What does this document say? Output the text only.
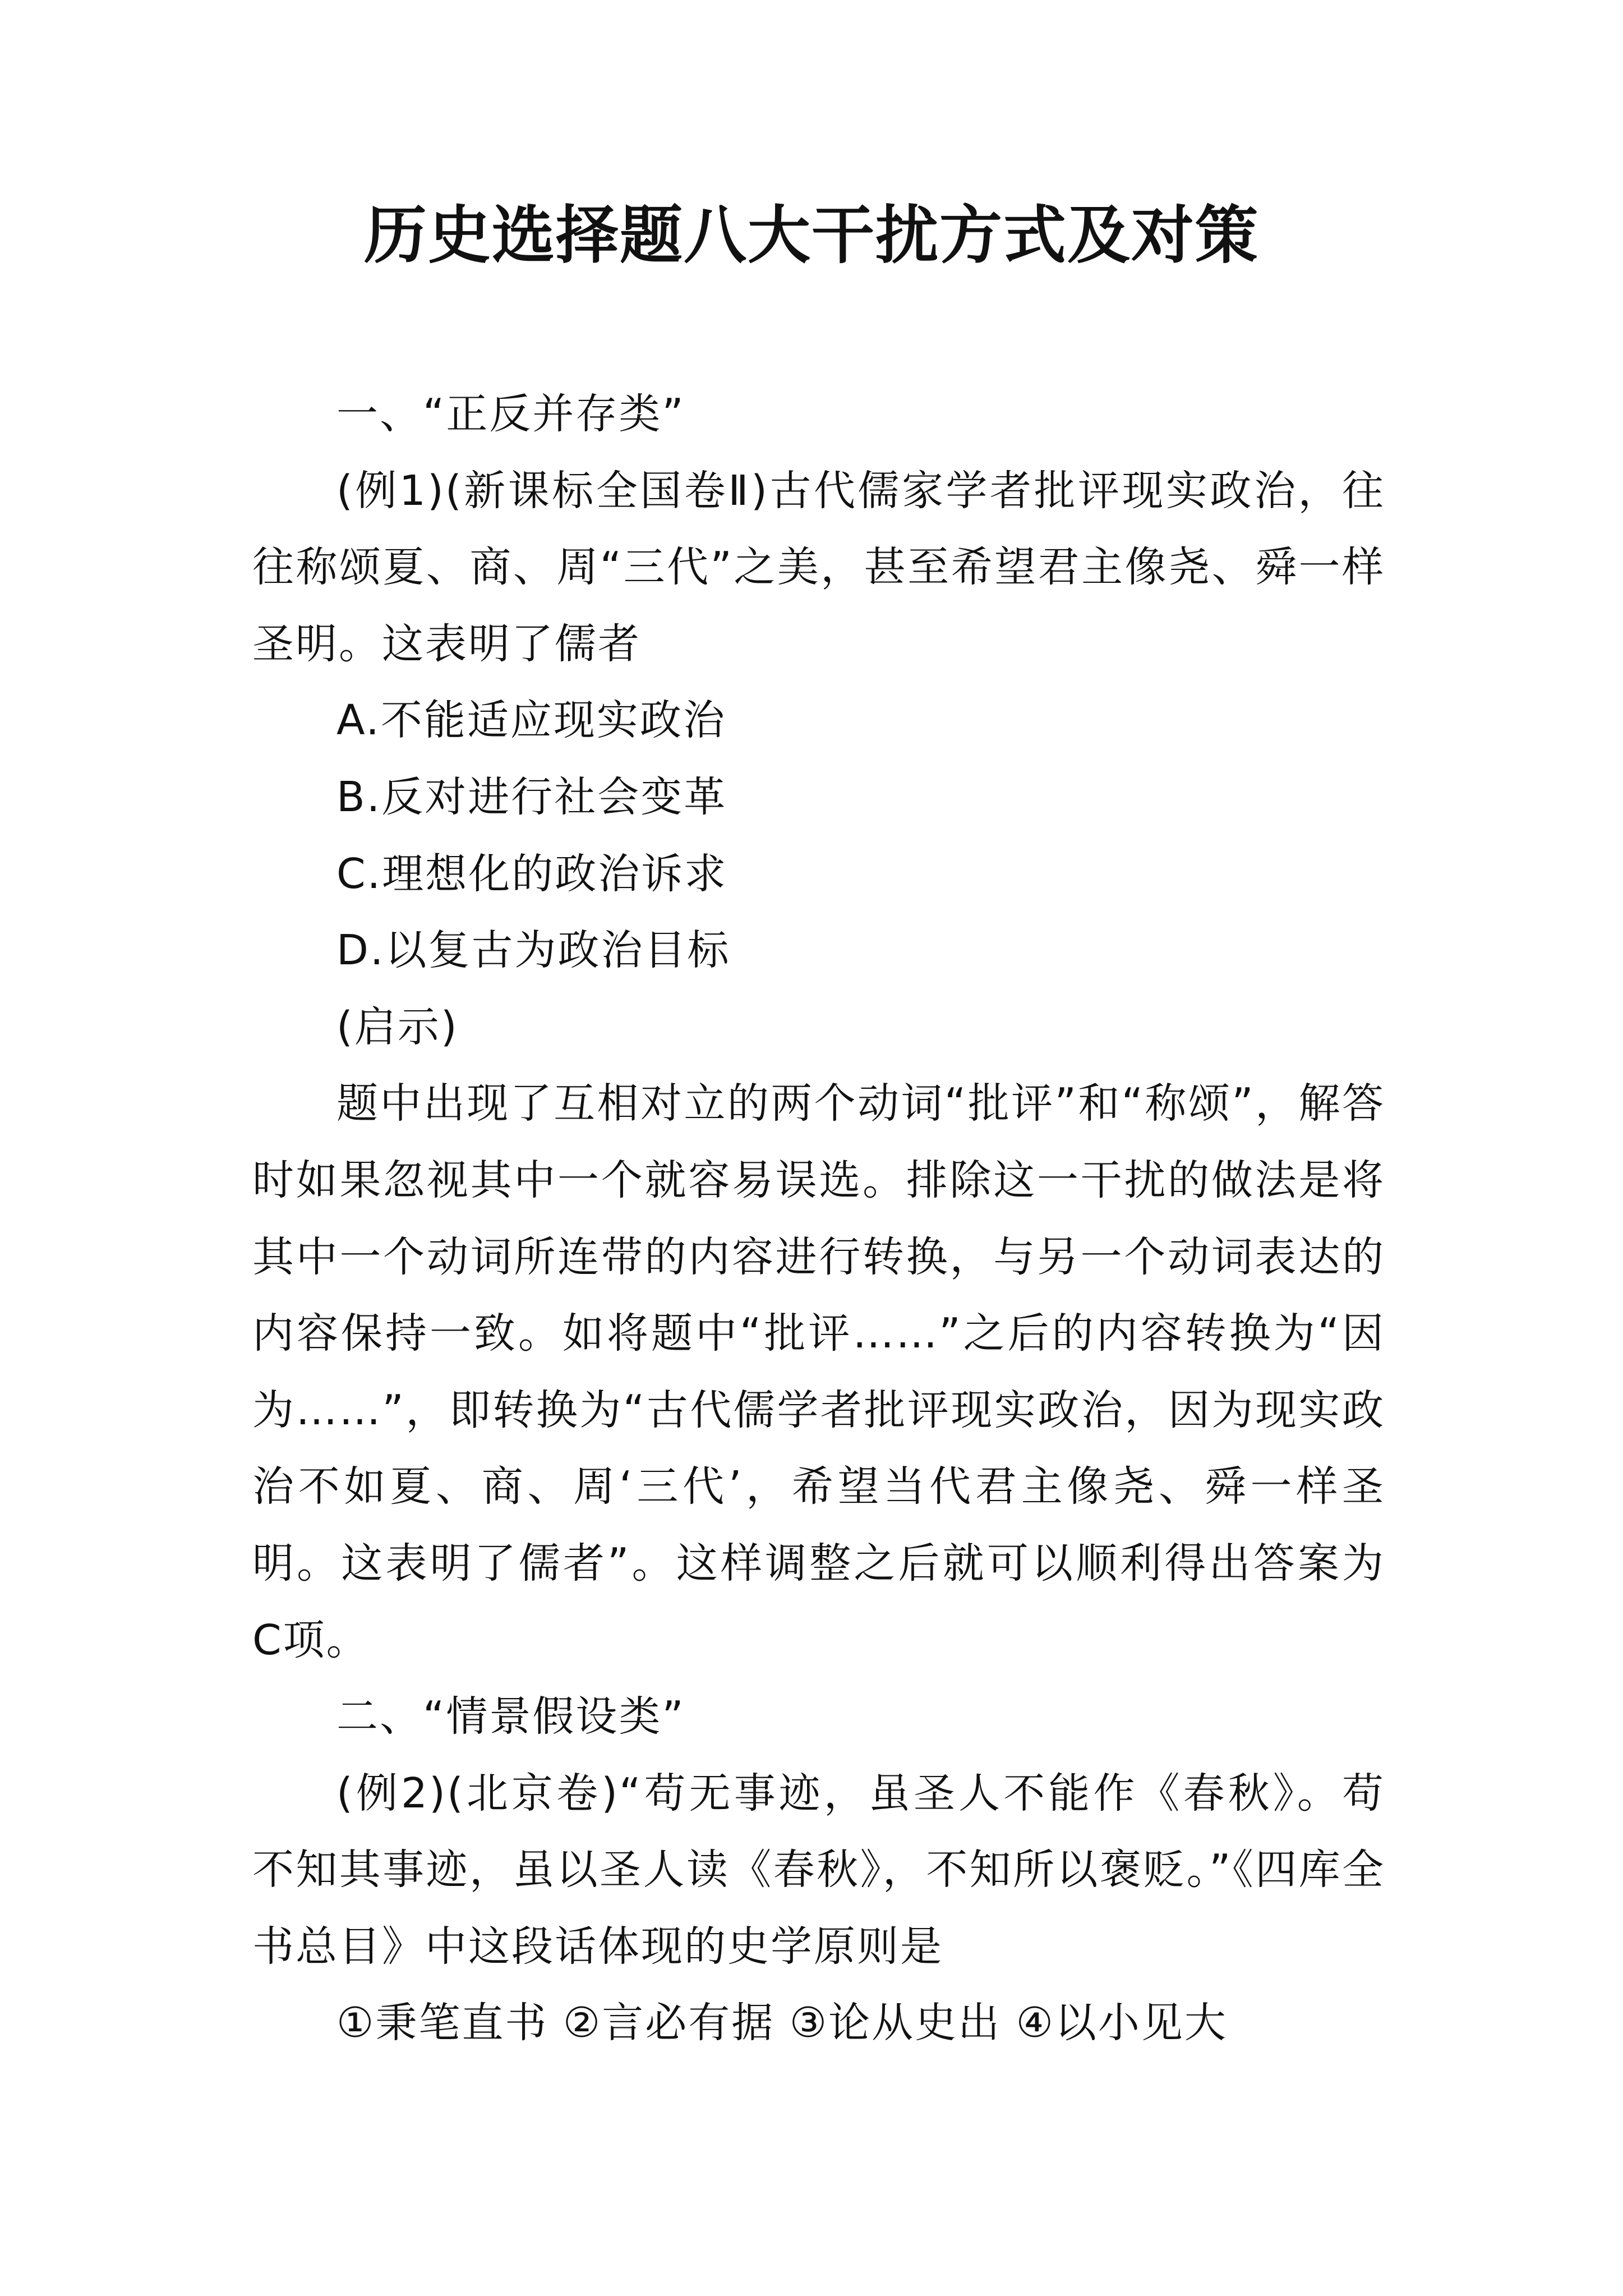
历史选择题八大干扰方式及对策

一、“正反并存类”

(例1)(新课标全国卷Ⅱ)古代儒家学者批评现实政治，往往称颂夏、商、周“三代”之美，甚至希望君主像尧、舜一样圣明。这表明了儒者

A.不能适应现实政治

B.反对进行社会变革

C.理想化的政治诉求

D.以复古为政治目标

(启示)

题中出现了互相对立的两个动词“批评”和“称颂”，解答时如果忽视其中一个就容易误选。排除这一干扰的做法是将其中一个动词所连带的内容进行转换，与另一个动词表达的内容保持一致。如将题中“批评……”之后的内容转换为“因为……”，即转换为“古代儒学者批评现实政治，因为现实政治不如夏、商、周‘三代’，希望当代君主像尧、舜一样圣明。这表明了儒者”。这样调整之后就可以顺利得出答案为C项。

二、“情景假设类”

(例2)(北京卷)“苟无事迹，虽圣人不能作《春秋》。苟不知其事迹，虽以圣人读《春秋》，不知所以褒贬。”《四库全书总目》中这段话体现的史学原则是

①秉笔直书 ②言必有据 ③论从史出 ④以小见大
